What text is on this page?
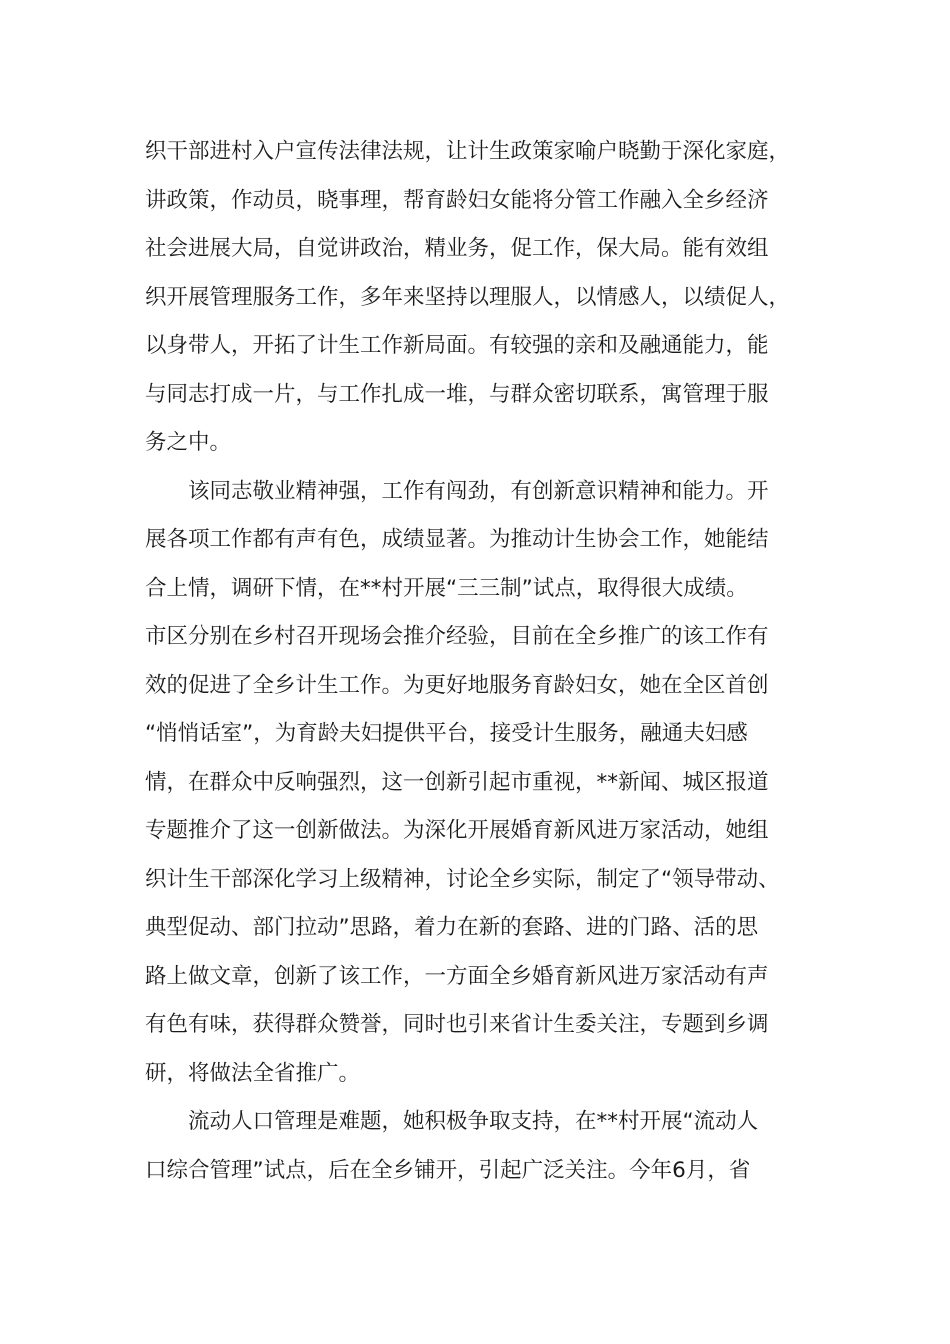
织干部进村入户宣传法律法规，让计生政策家喻户晓勤于深化家庭，
讲政策，作动员，晓事理，帮育龄妇女能将分管工作融入全乡经济
社会进展大局，自觉讲政治，精业务，促工作，保大局。能有效组
织开展管理服务工作，多年来坚持以理服人，以情感人，以绩促人，
以身带人，开拓了计生工作新局面。有较强的亲和及融通能力，能
与同志打成一片，与工作扎成一堆，与群众密切联系，寓管理于服
务之中。
该同志敬业精神强，工作有闯劲，有创新意识精神和能力。开
展各项工作都有声有色，成绩显著。为推动计生协会工作，她能结
合上情，调研下情，在**村开展“三三制”试点，取得很大成绩。
市区分别在乡村召开现场会推介经验，目前在全乡推广的该工作有
效的促进了全乡计生工作。为更好地服务育龄妇女，她在全区首创
“悄悄话室”，为育龄夫妇提供平台，接受计生服务，融通夫妇感
情，在群众中反响强烈，这一创新引起市重视，**新闻、城区报道
专题推介了这一创新做法。为深化开展婚育新风进万家活动，她组
织计生干部深化学习上级精神，讨论全乡实际，制定了“领导带动、
典型促动、部门拉动”思路，着力在新的套路、进的门路、活的思
路上做文章，创新了该工作，一方面全乡婚育新风进万家活动有声
有色有味，获得群众赞誉，同时也引来省计生委关注，专题到乡调
研，将做法全省推广。
流动人口管理是难题，她积极争取支持，在**村开展“流动人
口综合管理”试点，后在全乡铺开，引起广泛关注。今年6月，省
